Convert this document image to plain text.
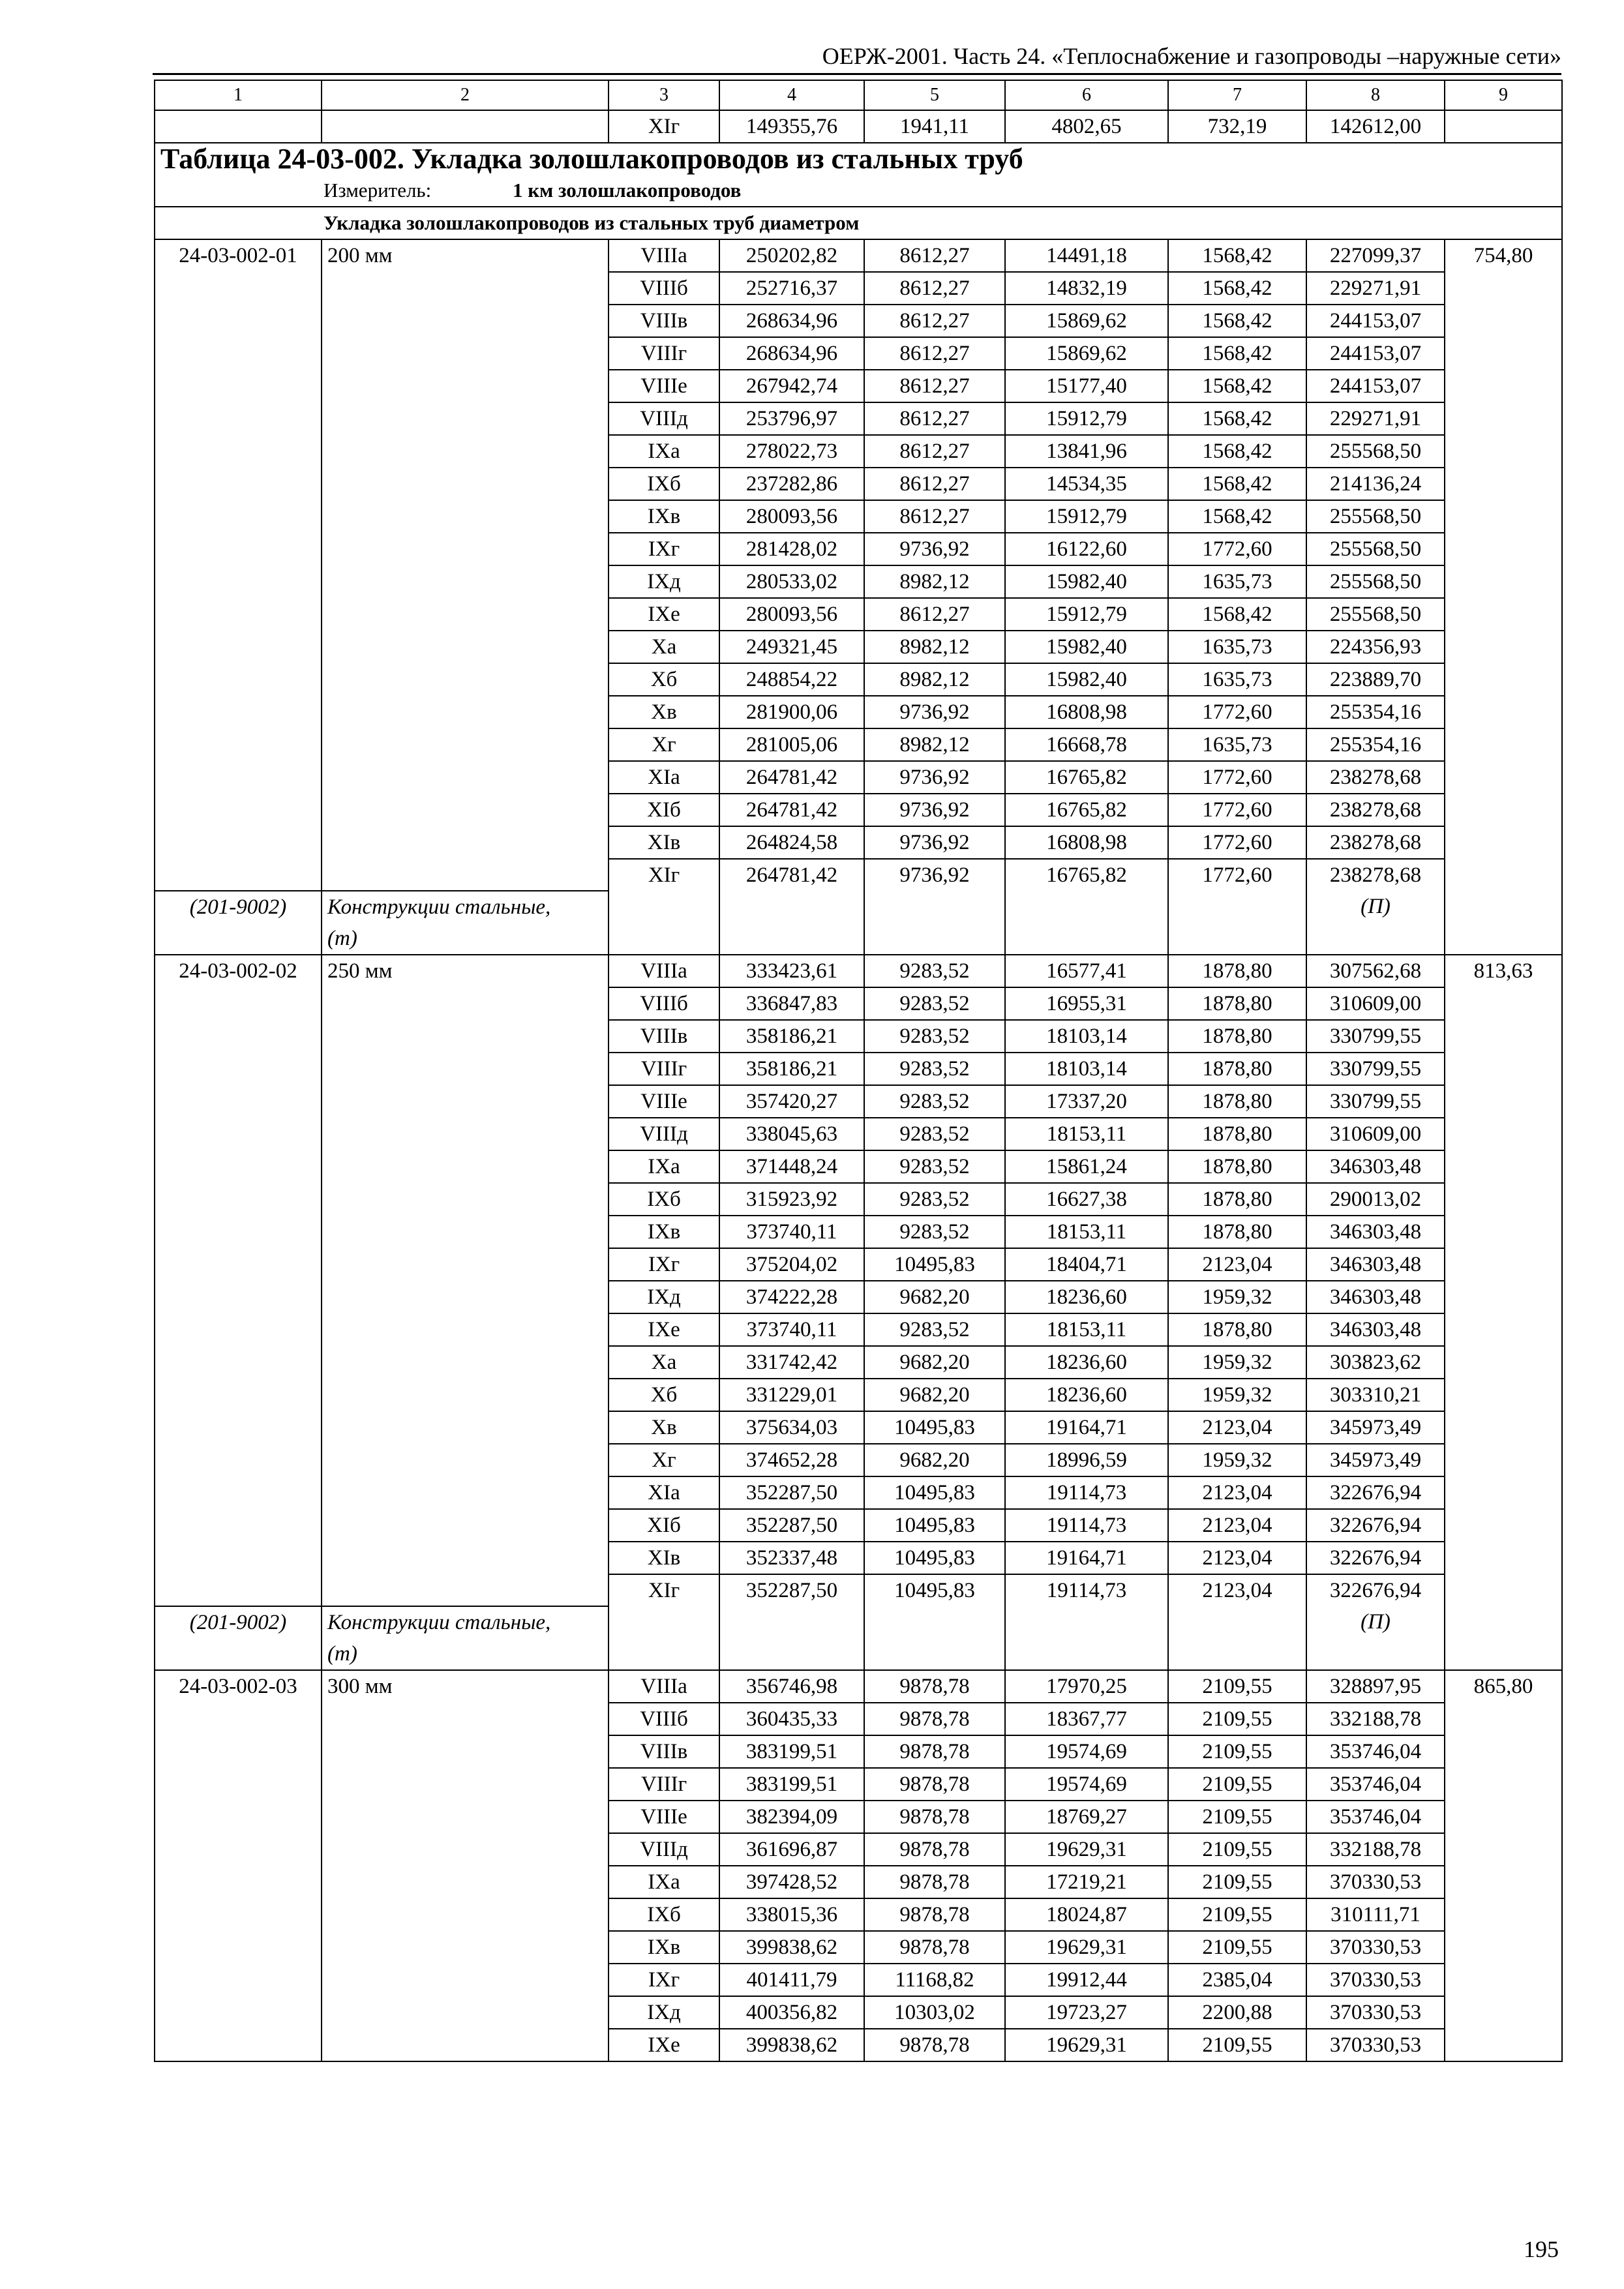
ОЕРЖ-2001. Часть 24. «Теплоснабжение и газопроводы –наружные сети»
1	2	3	4	5	6	7	8	9
		XIг	149355,76	1941,11	4802,65	732,19	142612,00	
Таблица 24-03-002. Укладка золошлакопроводов из стальных труб								
Измеритель: 1 км золошлакопроводов								
Укладка золошлакопроводов из стальных труб диаметром								
24-03-002-01	200 мм	VIIIа	250202,82	8612,27	14491,18	1568,42	227099,37	754,80
		VIIIб	252716,37	8612,27	14832,19	1568,42	229271,91	
		VIIIв	268634,96	8612,27	15869,62	1568,42	244153,07	
		VIIIг	268634,96	8612,27	15869,62	1568,42	244153,07	
		VIIIе	267942,74	8612,27	15177,40	1568,42	244153,07	
		VIIIд	253796,97	8612,27	15912,79	1568,42	229271,91	
		IXа	278022,73	8612,27	13841,96	1568,42	255568,50	
		IXб	237282,86	8612,27	14534,35	1568,42	214136,24	
		IXв	280093,56	8612,27	15912,79	1568,42	255568,50	
		IXг	281428,02	9736,92	16122,60	1772,60	255568,50	
		IXд	280533,02	8982,12	15982,40	1635,73	255568,50	
		IXе	280093,56	8612,27	15912,79	1568,42	255568,50	
		Xа	249321,45	8982,12	15982,40	1635,73	224356,93	
		Xб	248854,22	8982,12	15982,40	1635,73	223889,70	
		Xв	281900,06	9736,92	16808,98	1772,60	255354,16	
		Xг	281005,06	8982,12	16668,78	1635,73	255354,16	
		XIа	264781,42	9736,92	16765,82	1772,60	238278,68	
		XIб	264781,42	9736,92	16765,82	1772,60	238278,68	
		XIв	264824,58	9736,92	16808,98	1772,60	238278,68	
		XIг	264781,42	9736,92	16765,82	1772,60	238278,68	
(201-9002)	Конструкции стальные,
(т)						(П)	
24-03-002-02	250 мм	VIIIа	333423,61	9283,52	16577,41	1878,80	307562,68	813,63
		VIIIб	336847,83	9283,52	16955,31	1878,80	310609,00	
		VIIIв	358186,21	9283,52	18103,14	1878,80	330799,55	
		VIIIг	358186,21	9283,52	18103,14	1878,80	330799,55	
		VIIIе	357420,27	9283,52	17337,20	1878,80	330799,55	
		VIIIд	338045,63	9283,52	18153,11	1878,80	310609,00	
		IXа	371448,24	9283,52	15861,24	1878,80	346303,48	
		IXб	315923,92	9283,52	16627,38	1878,80	290013,02	
		IXв	373740,11	9283,52	18153,11	1878,80	346303,48	
		IXг	375204,02	10495,83	18404,71	2123,04	346303,48	
		IXд	374222,28	9682,20	18236,60	1959,32	346303,48	
		IXе	373740,11	9283,52	18153,11	1878,80	346303,48	
		Xа	331742,42	9682,20	18236,60	1959,32	303823,62	
		Xб	331229,01	9682,20	18236,60	1959,32	303310,21	
		Xв	375634,03	10495,83	19164,71	2123,04	345973,49	
		Xг	374652,28	9682,20	18996,59	1959,32	345973,49	
		XIа	352287,50	10495,83	19114,73	2123,04	322676,94	
		XIб	352287,50	10495,83	19114,73	2123,04	322676,94	
		XIв	352337,48	10495,83	19164,71	2123,04	322676,94	
		XIг	352287,50	10495,83	19114,73	2123,04	322676,94	
(201-9002)	Конструкции стальные,
(т)						(П)	
24-03-002-03	300 мм	VIIIа	356746,98	9878,78	17970,25	2109,55	328897,95	865,80
		VIIIб	360435,33	9878,78	18367,77	2109,55	332188,78	
		VIIIв	383199,51	9878,78	19574,69	2109,55	353746,04	
		VIIIг	383199,51	9878,78	19574,69	2109,55	353746,04	
		VIIIе	382394,09	9878,78	18769,27	2109,55	353746,04	
		VIIIд	361696,87	9878,78	19629,31	2109,55	332188,78	
		IXа	397428,52	9878,78	17219,21	2109,55	370330,53	
		IXб	338015,36	9878,78	18024,87	2109,55	310111,71	
		IXв	399838,62	9878,78	19629,31	2109,55	370330,53	
		IXг	401411,79	11168,82	19912,44	2385,04	370330,53	
		IXд	400356,82	10303,02	19723,27	2200,88	370330,53	
		IXе	399838,62	9878,78	19629,31	2109,55	370330,53	
195
